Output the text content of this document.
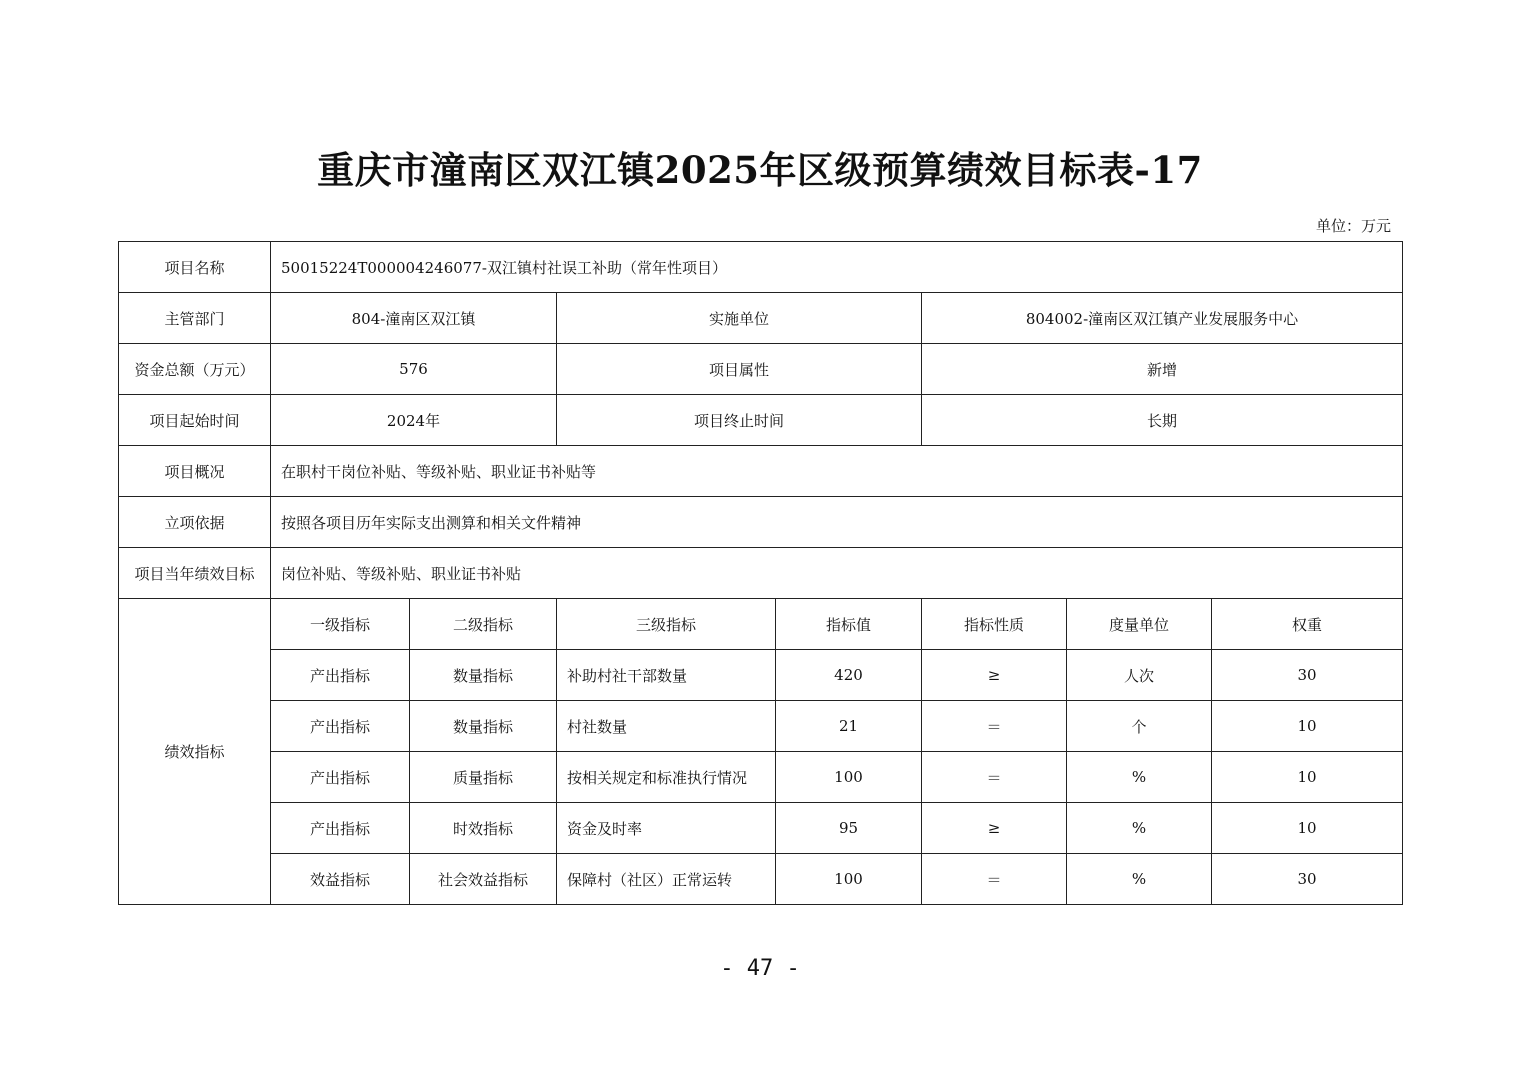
重庆市潼南区双江镇2025年区级预算绩效目标表-17
单位：万元
项目名称	50015224T000004246077-双江镇村社误工补助（常年性项目）						
主管部门	804-潼南区双江镇		实施单位		804002-潼南区双江镇产业发展服务中心		
资金总额（万元）	576		项目属性		新增		
项目起始时间	2024年		项目终止时间		长期		
项目概况	在职村干岗位补贴、等级补贴、职业证书补贴等						
立项依据	按照各项目历年实际支出测算和相关文件精神						
项目当年绩效目标	岗位补贴、等级补贴、职业证书补贴						
绩效指标	一级指标	二级指标	三级指标	指标值	指标性质	度量单位	权重
	产出指标	数量指标	补助村社干部数量	420	≥	人次	30
	产出指标	数量指标	村社数量	21	＝	个	10
	产出指标	质量指标	按相关规定和标准执行情况	100	＝	%	10
	产出指标	时效指标	资金及时率	95	≥	%	10
	效益指标	社会效益指标	保障村（社区）正常运转	100	＝	%	30
- 47 -
